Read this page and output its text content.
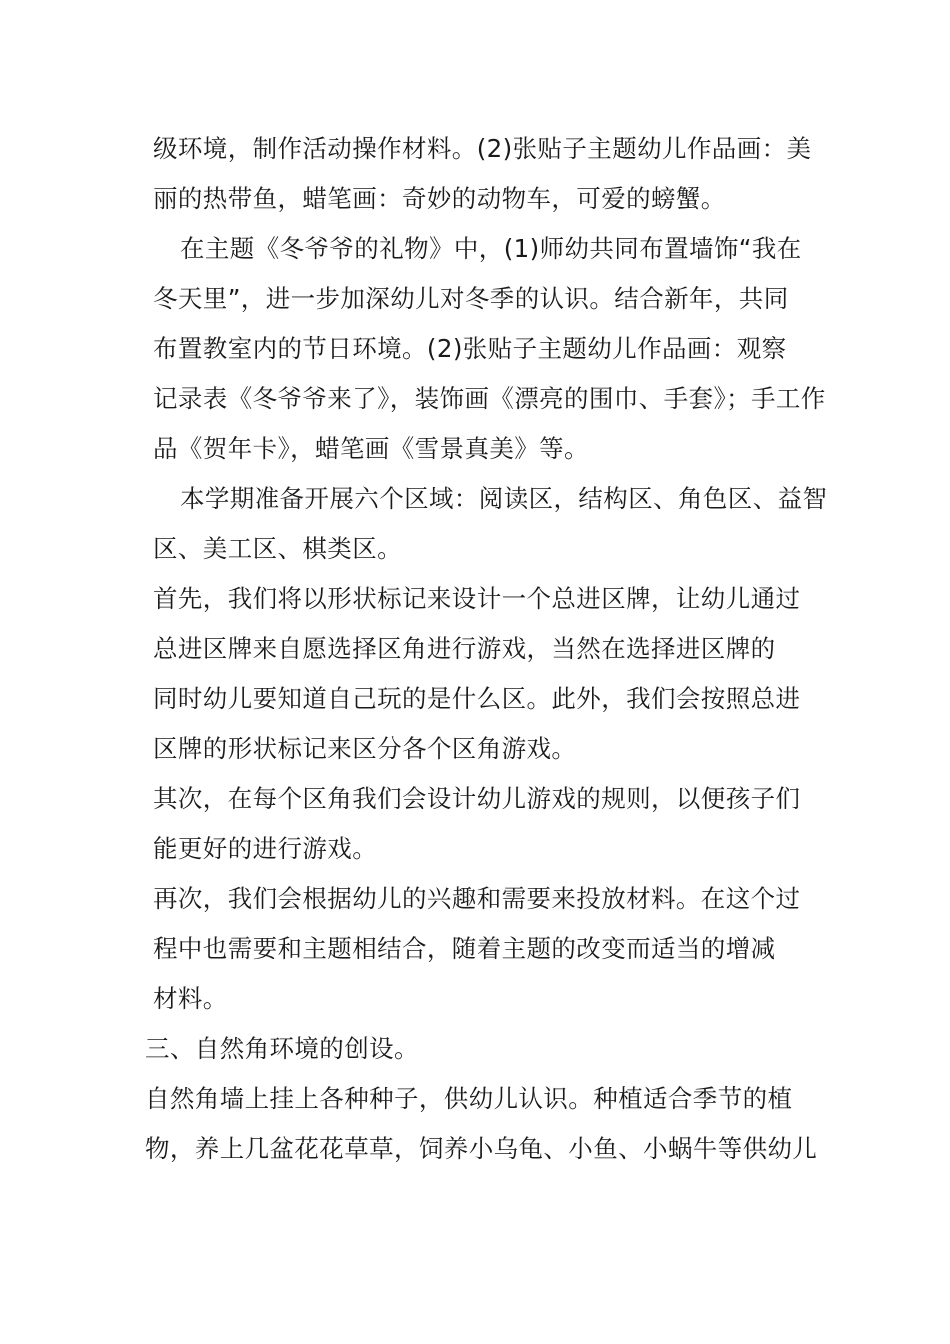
级环境，制作活动操作材料。(2)张贴子主题幼儿作品画：美

丽的热带鱼，蜡笔画：奇妙的动物车，可爱的螃蟹。

在主题《冬爷爷的礼物》中，(1)师幼共同布置墙饰“我在

冬天里”，进一步加深幼儿对冬季的认识。结合新年，共同

布置教室内的节日环境。(2)张贴子主题幼儿作品画：观察

记录表《冬爷爷来了》，装饰画《漂亮的围巾、手套》；手工作

品《贺年卡》，蜡笔画《雪景真美》等。

本学期准备开展六个区域：阅读区，结构区、角色区、益智

区、美工区、棋类区。

首先，我们将以形状标记来设计一个总进区牌，让幼儿通过

总进区牌来自愿选择区角进行游戏，当然在选择进区牌的

同时幼儿要知道自己玩的是什么区。此外，我们会按照总进

区牌的形状标记来区分各个区角游戏。

其次，在每个区角我们会设计幼儿游戏的规则，以便孩子们

能更好的进行游戏。

再次，我们会根据幼儿的兴趣和需要来投放材料。在这个过

程中也需要和主题相结合，随着主题的改变而适当的增减

材料。

三、自然角环境的创设。

自然角墙上挂上各种种子，供幼儿认识。种植适合季节的植

物，养上几盆花花草草，饲养小乌龟、小鱼、小蜗牛等供幼儿
